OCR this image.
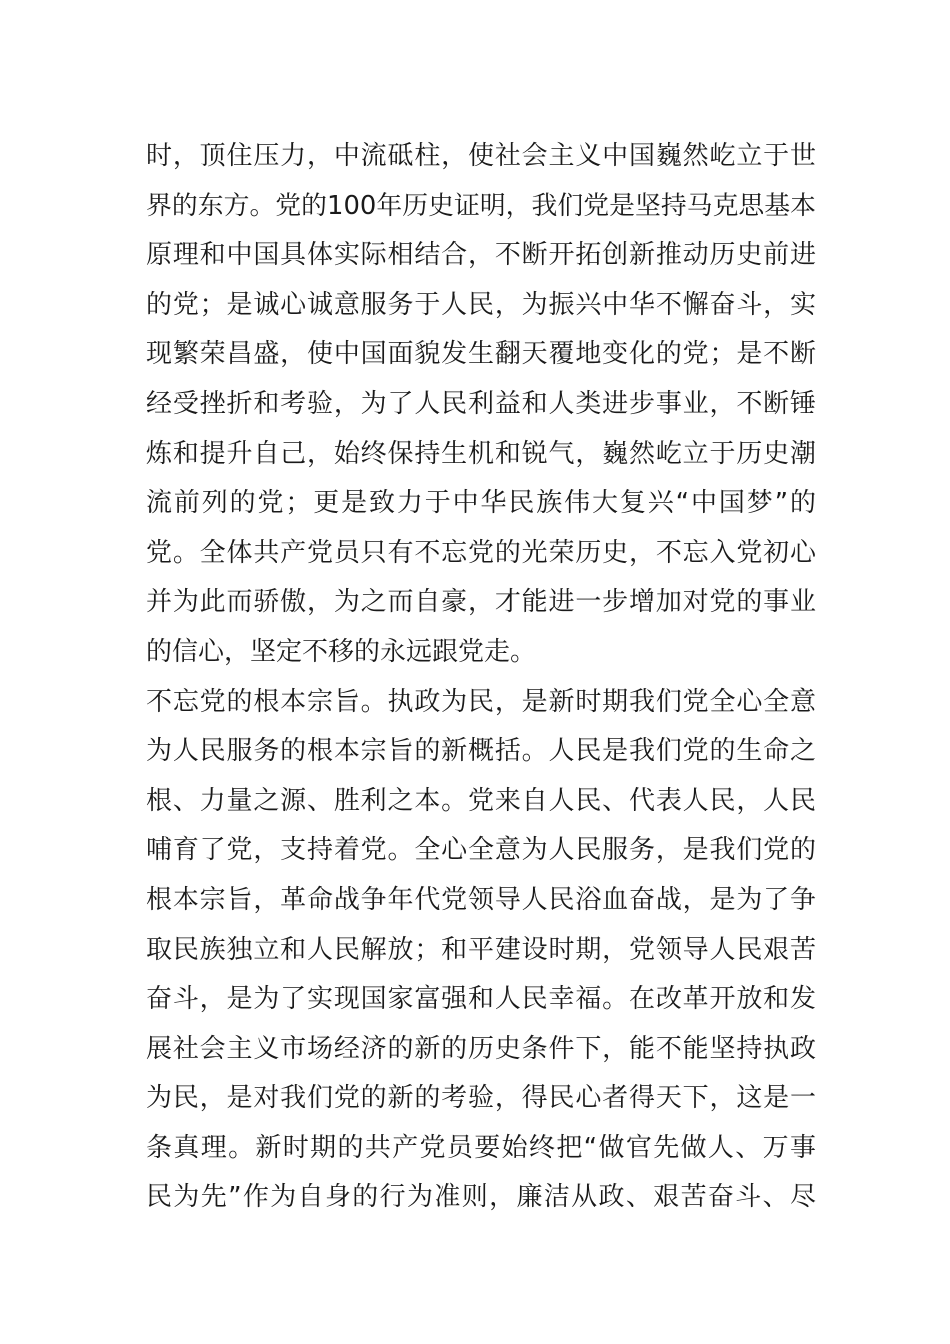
时，顶住压力，中流砥柱，使社会主义中国巍然屹立于世
界的东方。党的100年历史证明，我们党是坚持马克思基本
原理和中国具体实际相结合，不断开拓创新推动历史前进
的党；是诚心诚意服务于人民，为振兴中华不懈奋斗，实
现繁荣昌盛，使中国面貌发生翻天覆地变化的党；是不断
经受挫折和考验，为了人民利益和人类进步事业，不断锤
炼和提升自己，始终保持生机和锐气，巍然屹立于历史潮
流前列的党；更是致力于中华民族伟大复兴“中国梦”的
党。全体共产党员只有不忘党的光荣历史，不忘入党初心
并为此而骄傲，为之而自豪，才能进一步增加对党的事业
的信心，坚定不移的永远跟党走。
不忘党的根本宗旨。执政为民，是新时期我们党全心全意
为人民服务的根本宗旨的新概括。人民是我们党的生命之
根、力量之源、胜利之本。党来自人民、代表人民，人民
哺育了党，支持着党。全心全意为人民服务，是我们党的
根本宗旨，革命战争年代党领导人民浴血奋战，是为了争
取民族独立和人民解放；和平建设时期，党领导人民艰苦
奋斗，是为了实现国家富强和人民幸福。在改革开放和发
展社会主义市场经济的新的历史条件下，能不能坚持执政
为民，是对我们党的新的考验，得民心者得天下，这是一
条真理。新时期的共产党员要始终把“做官先做人、万事
民为先”作为自身的行为准则，廉洁从政、艰苦奋斗、尽
